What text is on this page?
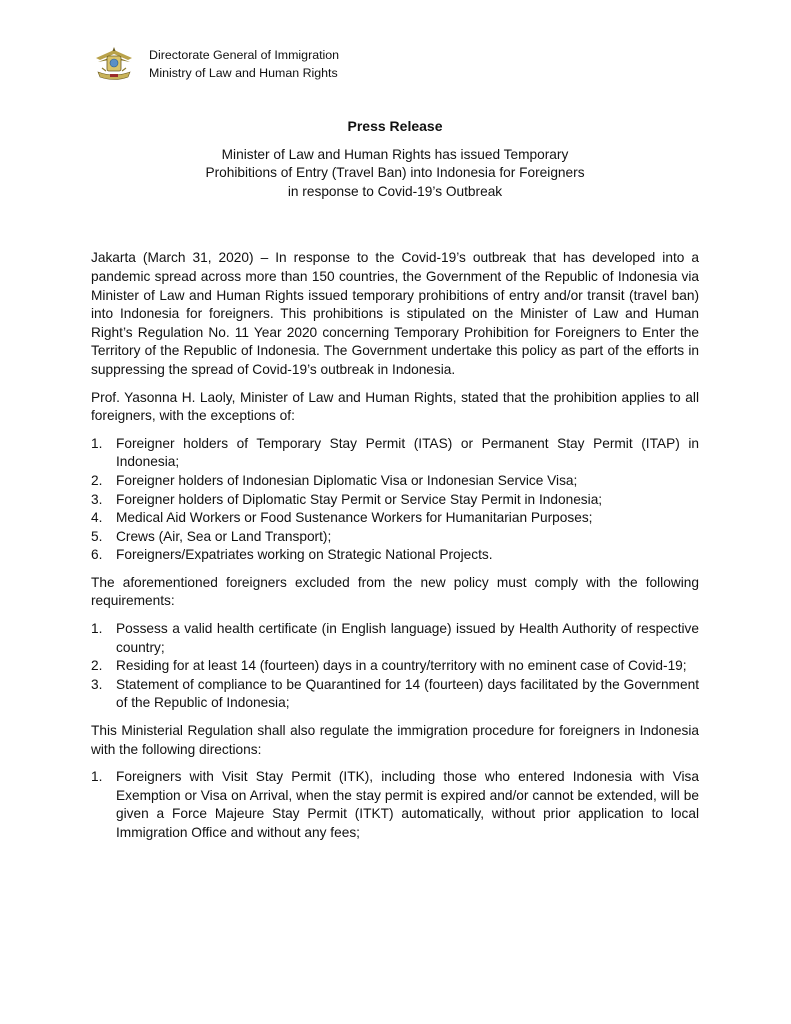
Directorate General of Immigration
Ministry of Law and Human Rights
Press Release
Minister of Law and Human Rights has issued Temporary
Prohibitions of Entry (Travel Ban) into Indonesia for Foreigners
in response to Covid-19’s Outbreak

Jakarta (March 31, 2020) – In response to the Covid-19’s outbreak that has developed into a pandemic spread across more than 150 countries, the Government of the Republic of Indonesia via Minister of Law and Human Rights issued temporary prohibitions of entry and/or transit (travel ban) into Indonesia for foreigners. This prohibitions is stipulated on the Minister of Law and Human Right’s Regulation No. 11 Year 2020 concerning Temporary Prohibition for Foreigners to Enter the Territory of the Republic of Indonesia. The Government undertake this policy as part of the efforts in suppressing the spread of Covid-19’s outbreak in Indonesia.

Prof. Yasonna H. Laoly, Minister of Law and Human Rights, stated that the prohibition applies to all foreigners, with the exceptions of:

1. Foreigner holders of Temporary Stay Permit (ITAS) or Permanent Stay Permit (ITAP) in Indonesia;
2. Foreigner holders of Indonesian Diplomatic Visa or Indonesian Service Visa;
3. Foreigner holders of Diplomatic Stay Permit or Service Stay Permit in Indonesia;
4. Medical Aid Workers or Food Sustenance Workers for Humanitarian Purposes;
5. Crews (Air, Sea or Land Transport);
6. Foreigners/Expatriates working on Strategic National Projects.

The aforementioned foreigners excluded from the new policy must comply with the following requirements:

1. Possess a valid health certificate (in English language) issued by Health Authority of respective country;
2. Residing for at least 14 (fourteen) days in a country/territory with no eminent case of Covid-19;
3. Statement of compliance to be Quarantined for 14 (fourteen) days facilitated by the Government of the Republic of Indonesia;

This Ministerial Regulation shall also regulate the immigration procedure for foreigners in Indonesia with the following directions:

1. Foreigners with Visit Stay Permit (ITK), including those who entered Indonesia with Visa Exemption or Visa on Arrival, when the stay permit is expired and/or cannot be extended, will be given a Force Majeure Stay Permit (ITKT) automatically, without prior application to local Immigration Office and without any fees;
